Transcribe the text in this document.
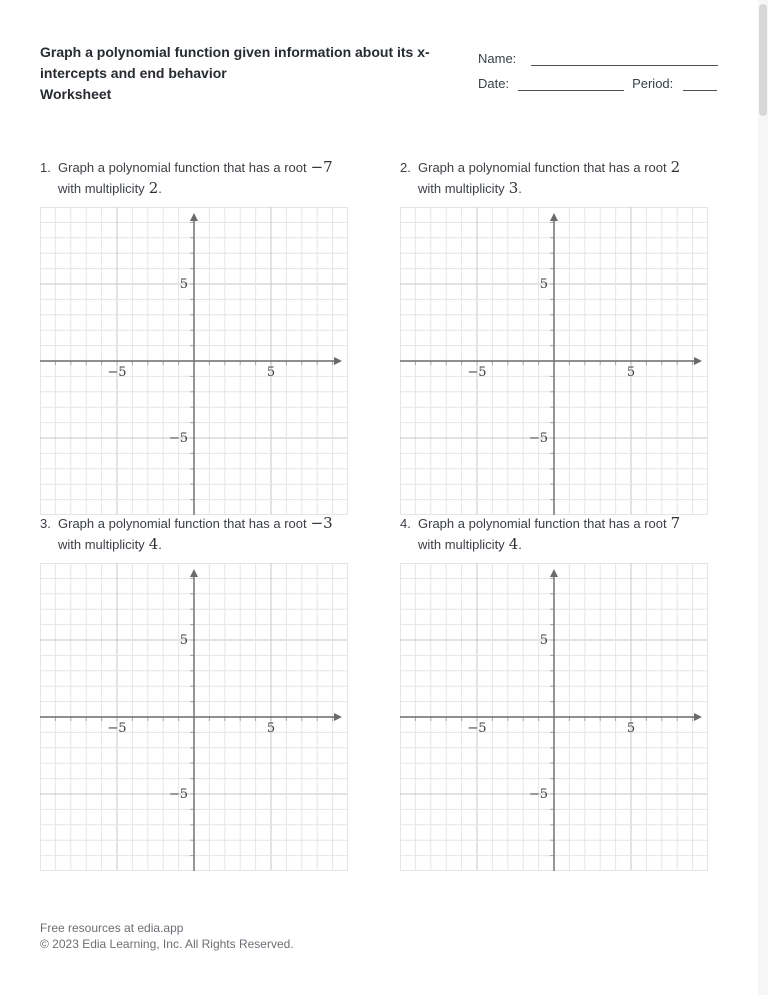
Graph a polynomial function given information about its x-intercepts and end behavior
Worksheet
Name:
Date:	Period:
1. Graph a polynomial function that has a root −7
with multiplicity 2.
2. Graph a polynomial function that has a root 2
with multiplicity 3.
−5	5
5
−5
−5	5
5
−5
3. Graph a polynomial function that has a root −3
with multiplicity 4.
4. Graph a polynomial function that has a root 7
with multiplicity 4.
−5	5
5
−5
−5	5
5
−5
Free resources at edia.app
© 2023 Edia Learning, Inc. All Rights Reserved.
